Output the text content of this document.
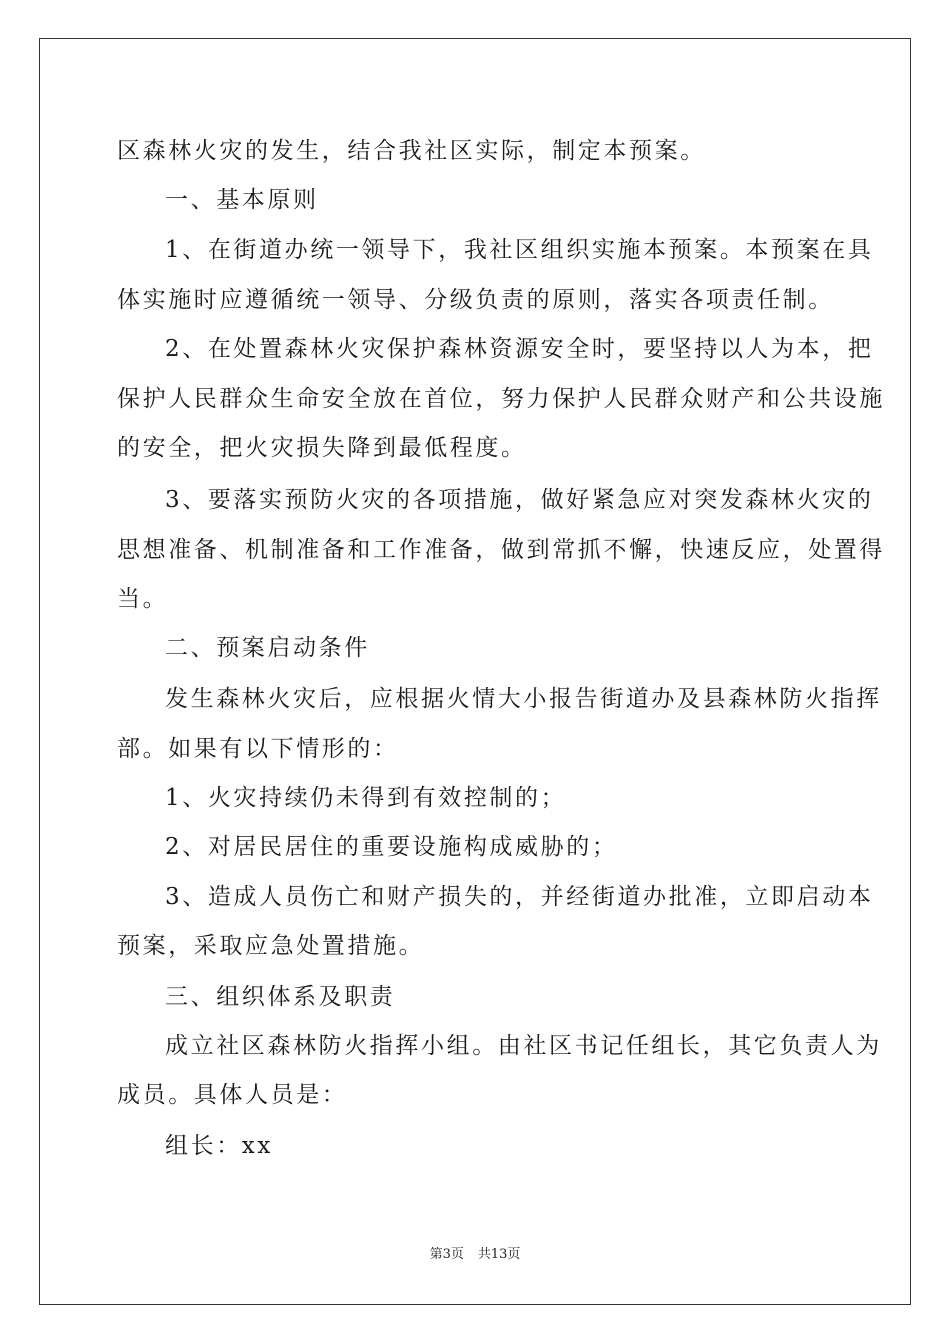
区森林火灾的发生，结合我社区实际，制定本预案。
一、基本原则
1、在街道办统一领导下，我社区组织实施本预案。本预案在具
体实施时应遵循统一领导、分级负责的原则，落实各项责任制。
2、在处置森林火灾保护森林资源安全时，要坚持以人为本，把
保护人民群众生命安全放在首位，努力保护人民群众财产和公共设施
的安全，把火灾损失降到最低程度。
3、要落实预防火灾的各项措施，做好紧急应对突发森林火灾的
思想准备、机制准备和工作准备，做到常抓不懈，快速反应，处置得
当。
二、预案启动条件
发生森林火灾后，应根据火情大小报告街道办及县森林防火指挥
部。如果有以下情形的：
1、火灾持续仍未得到有效控制的；
2、对居民居住的重要设施构成威胁的；
3、造成人员伤亡和财产损失的，并经街道办批准，立即启动本
预案，采取应急处置措施。
三、组织体系及职责
成立社区森林防火指挥小组。由社区书记任组长，其它负责人为
成员。具体人员是：
组长：xx
第3页 共13页
